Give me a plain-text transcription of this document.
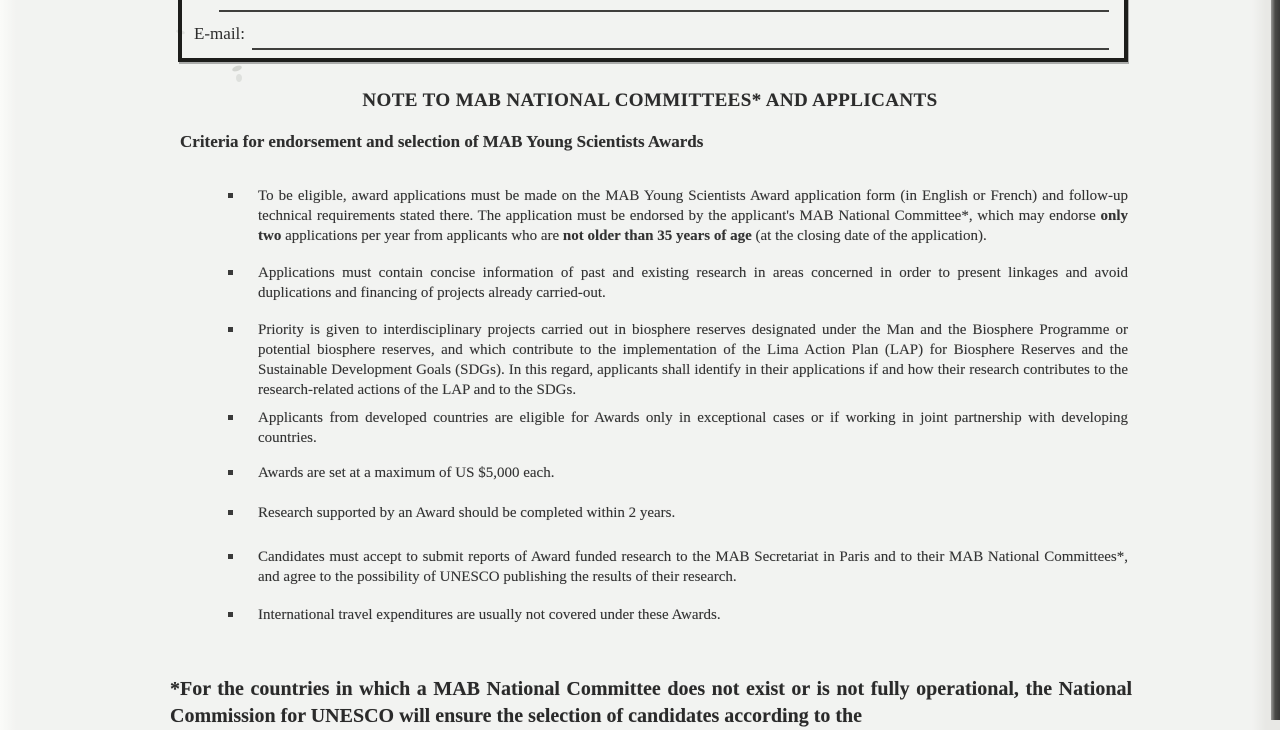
E-mail:
NOTE TO MAB NATIONAL COMMITTEES* AND APPLICANTS
Criteria for endorsement and selection of MAB Young Scientists Awards
To be eligible, award applications must be made on the MAB Young Scientists Award application form (in English or French) and follow-up technical requirements stated there. The application must be endorsed by the applicant's MAB National Committee*, which may endorse only two applications per year from applicants who are not older than 35 years of age (at the closing date of the application).
Applications must contain concise information of past and existing research in areas concerned in order to present linkages and avoid duplications and financing of projects already carried-out.
Priority is given to interdisciplinary projects carried out in biosphere reserves designated under the Man and the Biosphere Programme or potential biosphere reserves, and which contribute to the implementation of the Lima Action Plan (LAP) for Biosphere Reserves and the Sustainable Development Goals (SDGs). In this regard, applicants shall identify in their applications if and how their research contributes to the research-related actions of the LAP and to the SDGs.
Applicants from developed countries are eligible for Awards only in exceptional cases or if working in joint partnership with developing countries.
Awards are set at a maximum of US $5,000 each.
Research supported by an Award should be completed within 2 years.
Candidates must accept to submit reports of Award funded research to the MAB Secretariat in Paris and to their MAB National Committees*, and agree to the possibility of UNESCO publishing the results of their research.
International travel expenditures are usually not covered under these Awards.

*For the countries in which a MAB National Committee does not exist or is not fully operational, the National Commission for UNESCO will ensure the selection of candidates according to the
